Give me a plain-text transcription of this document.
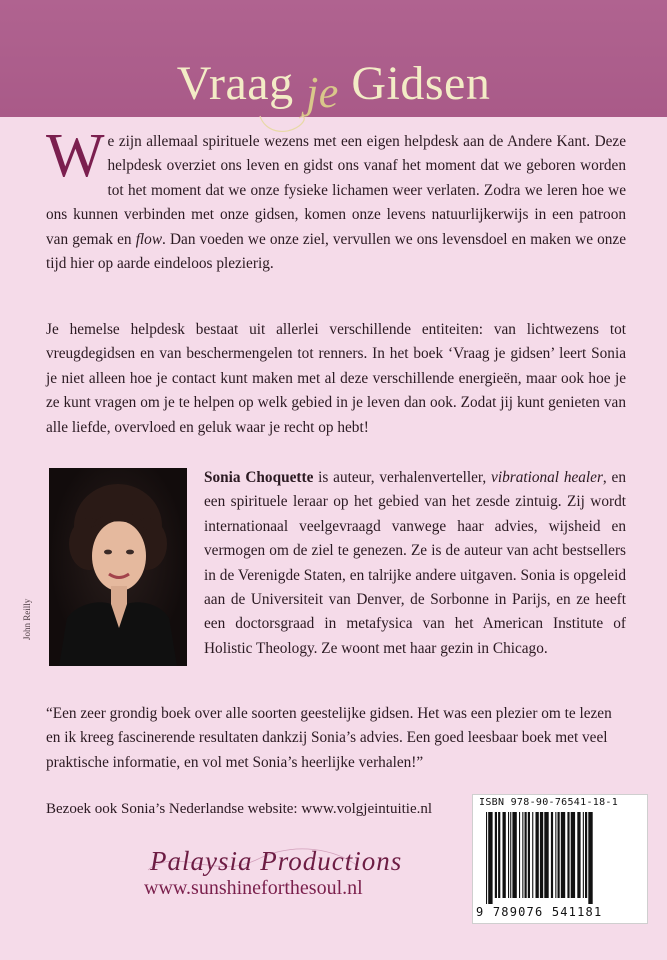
Vraag je Gidsen
We zijn allemaal spirituele wezens met een eigen helpdesk aan de Andere Kant. Deze helpdesk overziet ons leven en gidst ons vanaf het moment dat we geboren worden tot het moment dat we onze fysieke lichamen weer verlaten. Zodra we leren hoe we ons kunnen verbinden met onze gidsen, komen onze levens natuurlijkerwijs in een patroon van gemak en flow. Dan voeden we onze ziel, vervullen we ons levensdoel en maken we onze tijd hier op aarde eindeloos plezierig.
Je hemelse helpdesk bestaat uit allerlei verschillende entiteiten: van lichtwezens tot vreugdegidsen en van beschermengelen tot renners. In het boek ‘Vraag je gidsen’ leert Sonia je niet alleen hoe je contact kunt maken met al deze verschillende energieën, maar ook hoe je ze kunt vragen om je te helpen op welk gebied in je leven dan ook. Zodat jij kunt genieten van alle liefde, overvloed en geluk waar je recht op hebt!
John Reilly
Sonia Choquette is auteur, verhalenverteller, vibrational healer, en een spirituele leraar op het gebied van het zesde zintuig. Zij wordt internationaal veelgevraagd vanwege haar advies, wijsheid en vermogen om de ziel te genezen. Ze is de auteur van acht bestsellers in de Verenigde Staten, en talrijke andere uitgaven. Sonia is opgeleid aan de Universiteit van Denver, de Sorbonne in Parijs, en ze heeft een doctorsgraad in metafysica van het American Institute of Holistic Theology. Ze woont met haar gezin in Chicago.
“Een zeer grondig boek over alle soorten geestelijke gidsen. Het was een plezier om te lezen en ik kreeg fascinerende resultaten dankzij Sonia’s advies. Een goed leesbaar boek met veel praktische informatie, en vol met Sonia’s heerlijke verhalen!”
Bezoek ook Sonia’s Nederlandse website: www.volgjeintuitie.nl
Palaysia Productions
www.sunshineforthesoul.nl
ISBN 978-90-76541-18-1
9 789076 541181
